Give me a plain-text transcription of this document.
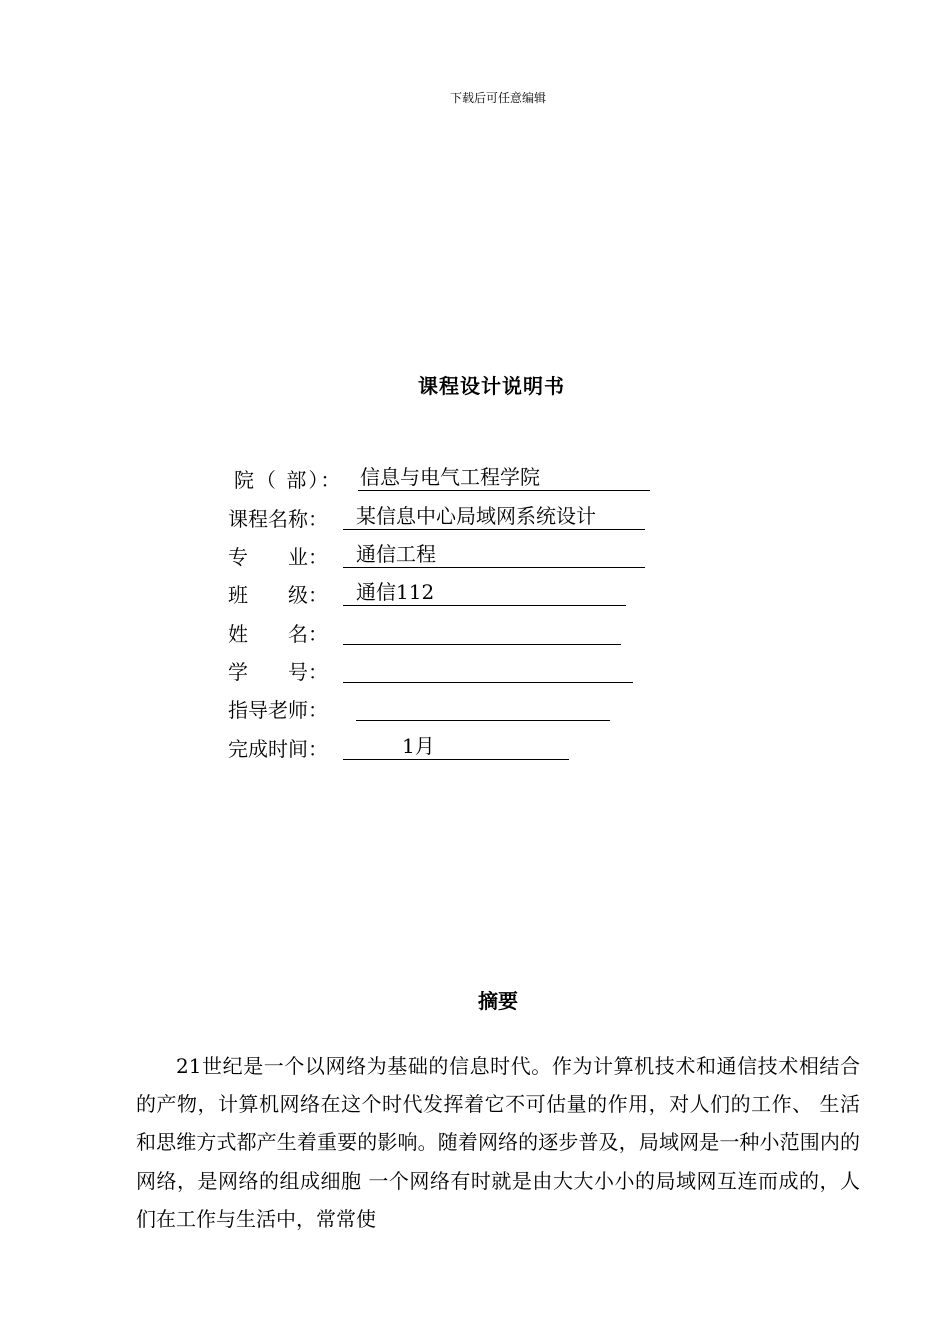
下载后可任意编辑
课程设计说明书
院（ 部）： 信息与电气工程学院
课程名称： 某信息中心局域网系统设计
专　　业： 通信工程
班　　级： 通信112
姓　　名：
学　　号：
指导老师：
完成时间：	1月
摘要

21世纪是一个以网络为基础的信息时代。作为计算机技术和通信技术相结合的产物，计算机网络在这个时代发挥着它不可估量的作用，对人们的工作、 生活和思维方式都产生着重要的影响。随着网络的逐步普及，局域网是一种小范围内的网络，是网络的组成细胞 一个网络有时就是由大大小小的局域网互连而成的，人们在工作与生活中，常常使
